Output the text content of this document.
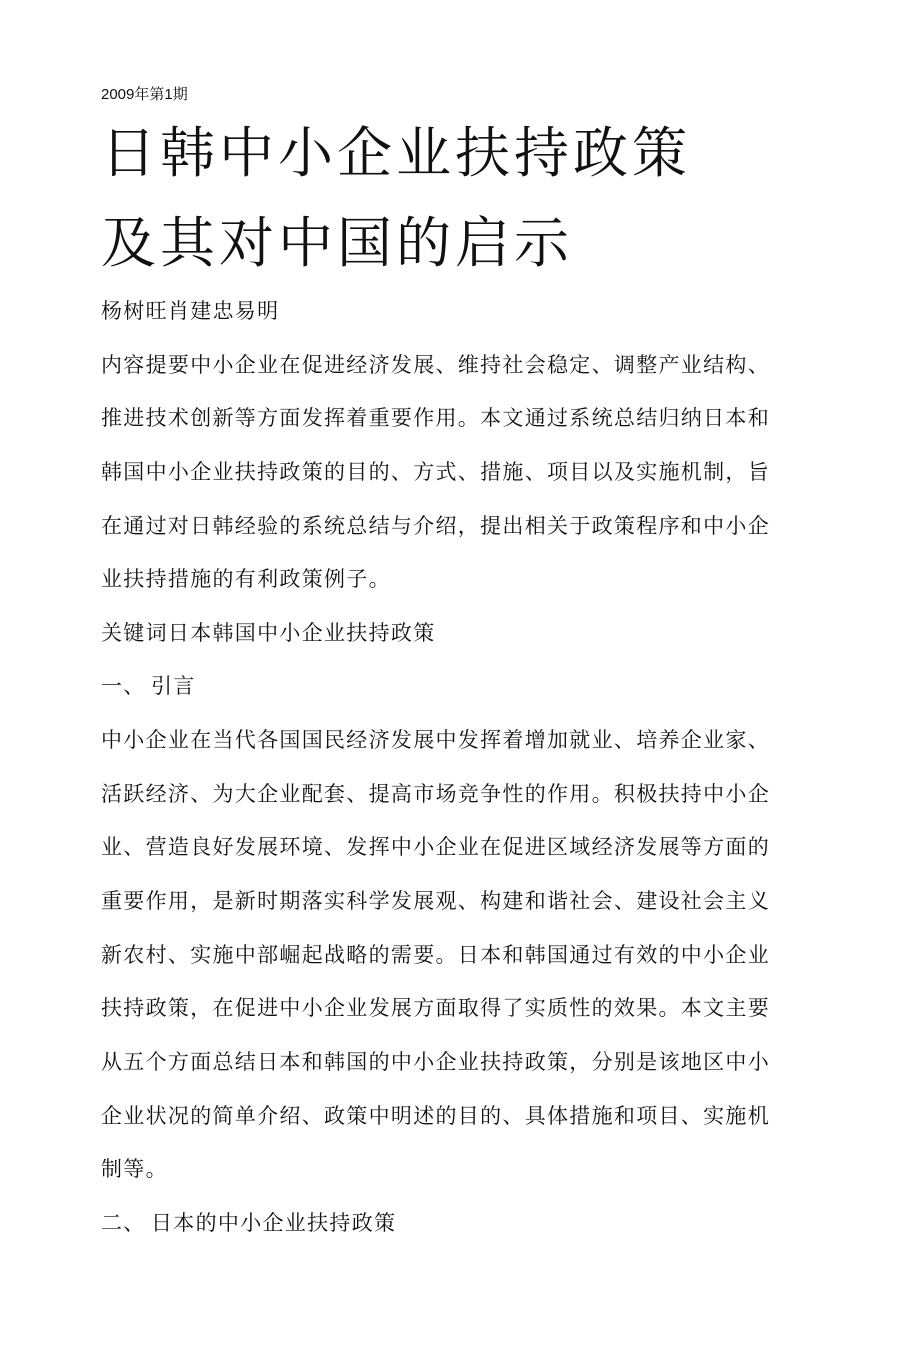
2009年第1期
日韩中小企业扶持政策
及其对中国的启示
杨树旺肖建忠易明
内容提要中小企业在促进经济发展、维持社会稳定、调整产业结构、
推进技术创新等方面发挥着重要作用。本文通过系统总结归纳日本和
韩国中小企业扶持政策的目的、方式、措施、项目以及实施机制，旨
在通过对日韩经验的系统总结与介绍，提出相关于政策程序和中小企
业扶持措施的有利政策例子。
关键词日本韩国中小企业扶持政策
一、 引言
中小企业在当代各国国民经济发展中发挥着增加就业、培养企业家、
活跃经济、为大企业配套、提高市场竞争性的作用。积极扶持中小企
业、营造良好发展环境、发挥中小企业在促进区域经济发展等方面的
重要作用，是新时期落实科学发展观、构建和谐社会、建设社会主义
新农村、实施中部崛起战略的需要。日本和韩国通过有效的中小企业
扶持政策，在促进中小企业发展方面取得了实质性的效果。本文主要
从五个方面总结日本和韩国的中小企业扶持政策，分别是该地区中小
企业状况的简单介绍、政策中明述的目的、具体措施和项目、实施机
制等。
二、 日本的中小企业扶持政策
